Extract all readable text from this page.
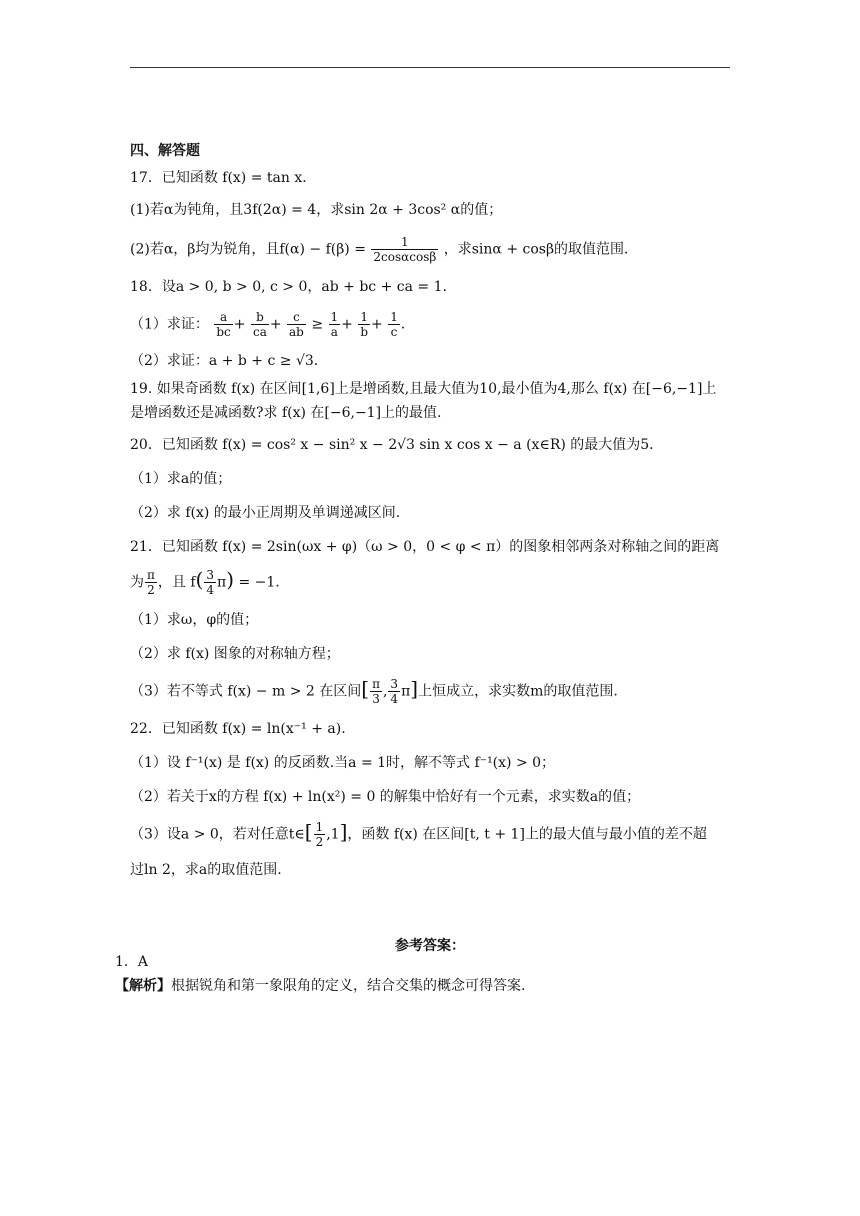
四、解答题

17．已知函数 f(x) = tan x．

(1)若α为钝角，且3f(2α) = 4，求sin 2α + 3cos² α的值；

(2)若α，β均为锐角，且$f(\alpha) - f(\beta) = \frac{1}{2\cos\alpha\cos\beta}$ ，求sinα + cosβ的取值范围．

18．设a > 0, b > 0, c > 0，ab + bc + ca = 1．

（1）求证： $\frac{a}{bc} + \frac{b}{ca} + \frac{c}{ab} \ge \frac{1}{a} + \frac{1}{b} + \frac{1}{c}$ ．

（2）求证：a + b + c ≥ √3．

19. 如果奇函数 f(x) 在区间[1,6]上是增函数,且最大值为10,最小值为4,那么 f(x) 在[−6,−1]上

是增函数还是减函数?求 f(x) 在[−6,−1]上的最值.

20．已知函数 f(x) = cos² x − sin² x − 2√3 sin x cos x − a (x∈R) 的最大值为5．

（1）求a的值；

（2）求 f(x) 的最小正周期及单调递减区间.

21．已知函数 f(x) = 2sin(ωx + φ)（ω > 0，0 < φ < π）的图象相邻两条对称轴之间的距离

为 $\frac{\pi}{2}$ ，且 $f( \frac{3}{4} \pi) = -1$.

（1）求ω，φ的值；

（2）求 f(x) 图象的对称轴方程；

（3）若不等式 f(x) − m > 2 在区间[ $\frac{\pi}{3}$ , $\frac{3}{4} \pi$]上恒成立，求实数m的取值范围.

22．已知函数 f(x) = ln(x⁻¹ + a).

（1）设 f⁻¹(x) 是 f(x) 的反函数.当a = 1时，解不等式 f⁻¹(x) > 0；

（2）若关于x的方程 f(x) + ln(x²) = 0 的解集中恰好有一个元素，求实数a的值；

（3）设a > 0，若对任意t∈[ $\frac{1}{2} ,1$]，函数 f(x) 在区间[t, t + 1]上的最大值与最小值的差不超

过ln 2，求a的取值范围.

参考答案：

1．A

【解析】根据锐角和第一象限角的定义，结合交集的概念可得答案.
